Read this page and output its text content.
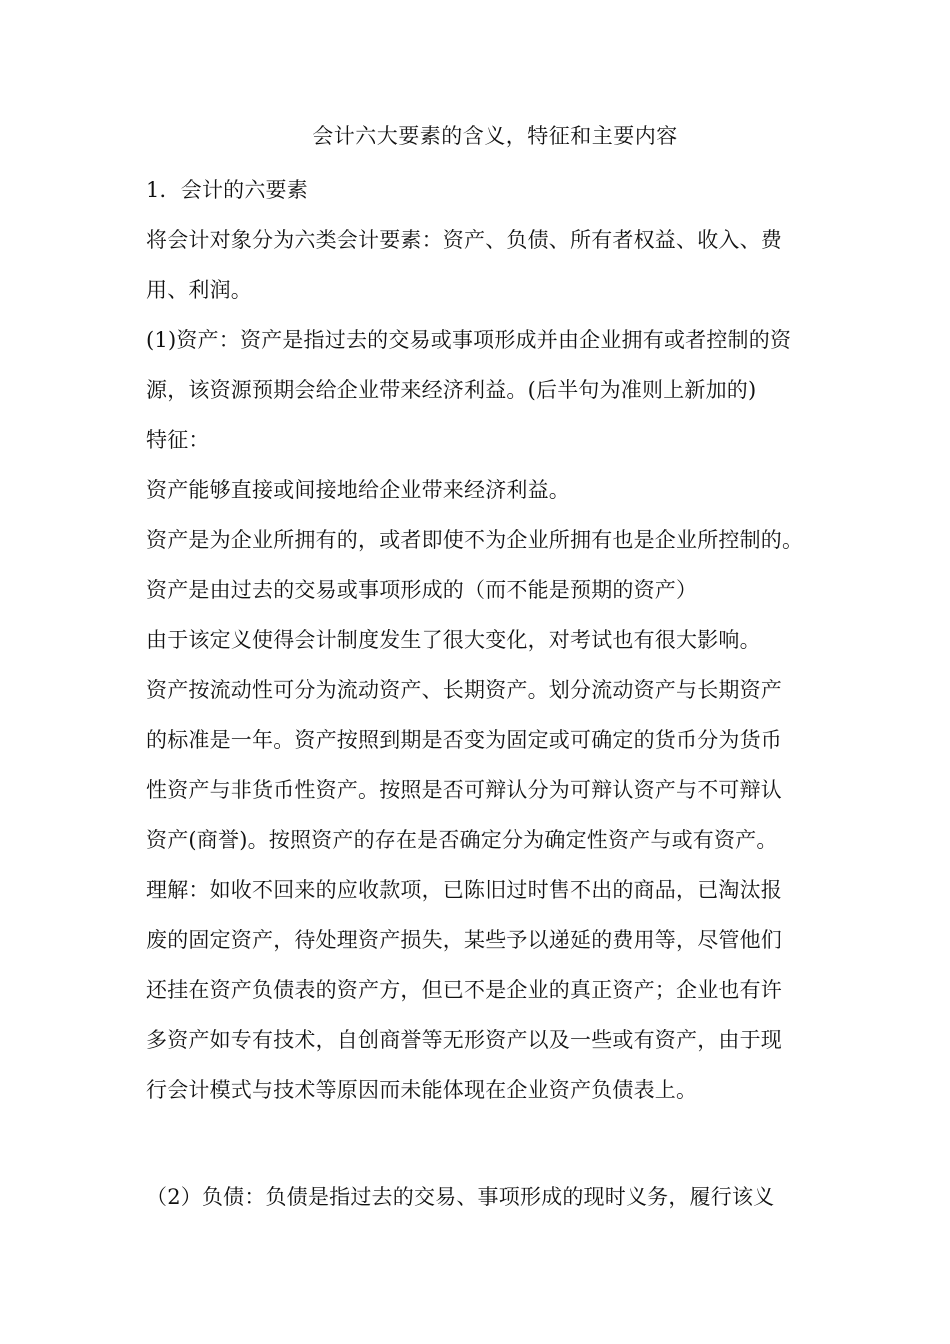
会计六大要素的含义，特征和主要内容
1．会计的六要素
将会计对象分为六类会计要素：资产、负债、所有者权益、收入、费
用、利润。
(1)资产：资产是指过去的交易或事项形成并由企业拥有或者控制的资
源，该资源预期会给企业带来经济利益。(后半句为准则上新加的)
特征：
资产能够直接或间接地给企业带来经济利益。
资产是为企业所拥有的，或者即使不为企业所拥有也是企业所控制的。
资产是由过去的交易或事项形成的（而不能是预期的资产）
由于该定义使得会计制度发生了很大变化，对考试也有很大影响。
资产按流动性可分为流动资产、长期资产。划分流动资产与长期资产
的标准是一年。资产按照到期是否变为固定或可确定的货币分为货币
性资产与非货币性资产。按照是否可辩认分为可辩认资产与不可辩认
资产(商誉)。按照资产的存在是否确定分为确定性资产与或有资产。
理解：如收不回来的应收款项，已陈旧过时售不出的商品，已淘汰报
废的固定资产，待处理资产损失，某些予以递延的费用等，尽管他们
还挂在资产负债表的资产方，但已不是企业的真正资产；企业也有许
多资产如专有技术，自创商誉等无形资产以及一些或有资产，由于现
行会计模式与技术等原因而未能体现在企业资产负债表上。
（2）负债：负债是指过去的交易、事项形成的现时义务，履行该义
